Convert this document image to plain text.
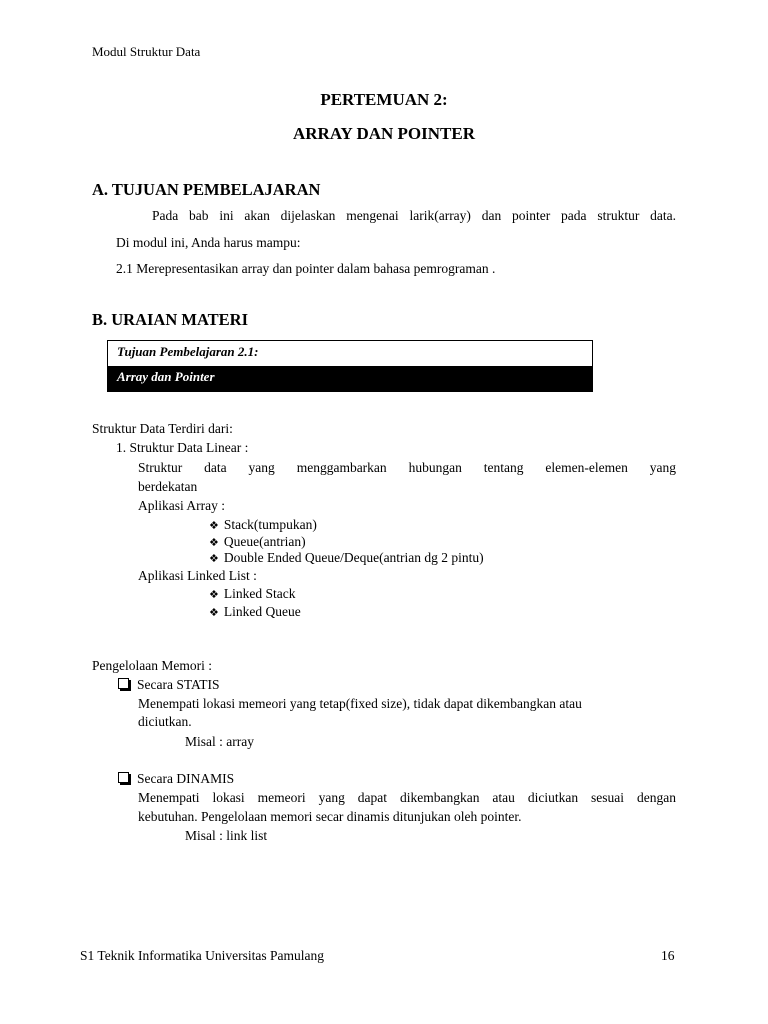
Modul Struktur Data
PERTEMUAN 2:
ARRAY DAN POINTER
A. TUJUAN PEMBELAJARAN
Pada bab ini akan dijelaskan mengenai larik(array) dan pointer pada struktur data.
Di modul ini, Anda harus mampu:
2.1 Merepresentasikan array dan pointer dalam bahasa pemrograman .
B. URAIAN MATERI
Tujuan Pembelajaran 2.1:
Array dan Pointer
Struktur Data Terdiri dari:
1. Struktur Data Linear :
Struktur data yang menggambarkan hubungan tentang elemen-elemen yang
berdekatan
Aplikasi Array :
❖ Stack(tumpukan)
❖ Queue(antrian)
❖ Double Ended Queue/Deque(antrian dg 2 pintu)
Aplikasi Linked List :
❖ Linked Stack
❖ Linked Queue
Pengelolaan Memori :
Secara STATIS
Menempati lokasi memeori yang tetap(fixed size), tidak dapat dikembangkan atau
diciutkan.
Misal : array
Secara DINAMIS
Menempati lokasi memeori yang dapat dikembangkan atau diciutkan sesuai dengan
kebutuhan. Pengelolaan memori secar dinamis ditunjukan oleh pointer.
Misal : link list
S1 Teknik Informatika Universitas Pamulang	16
